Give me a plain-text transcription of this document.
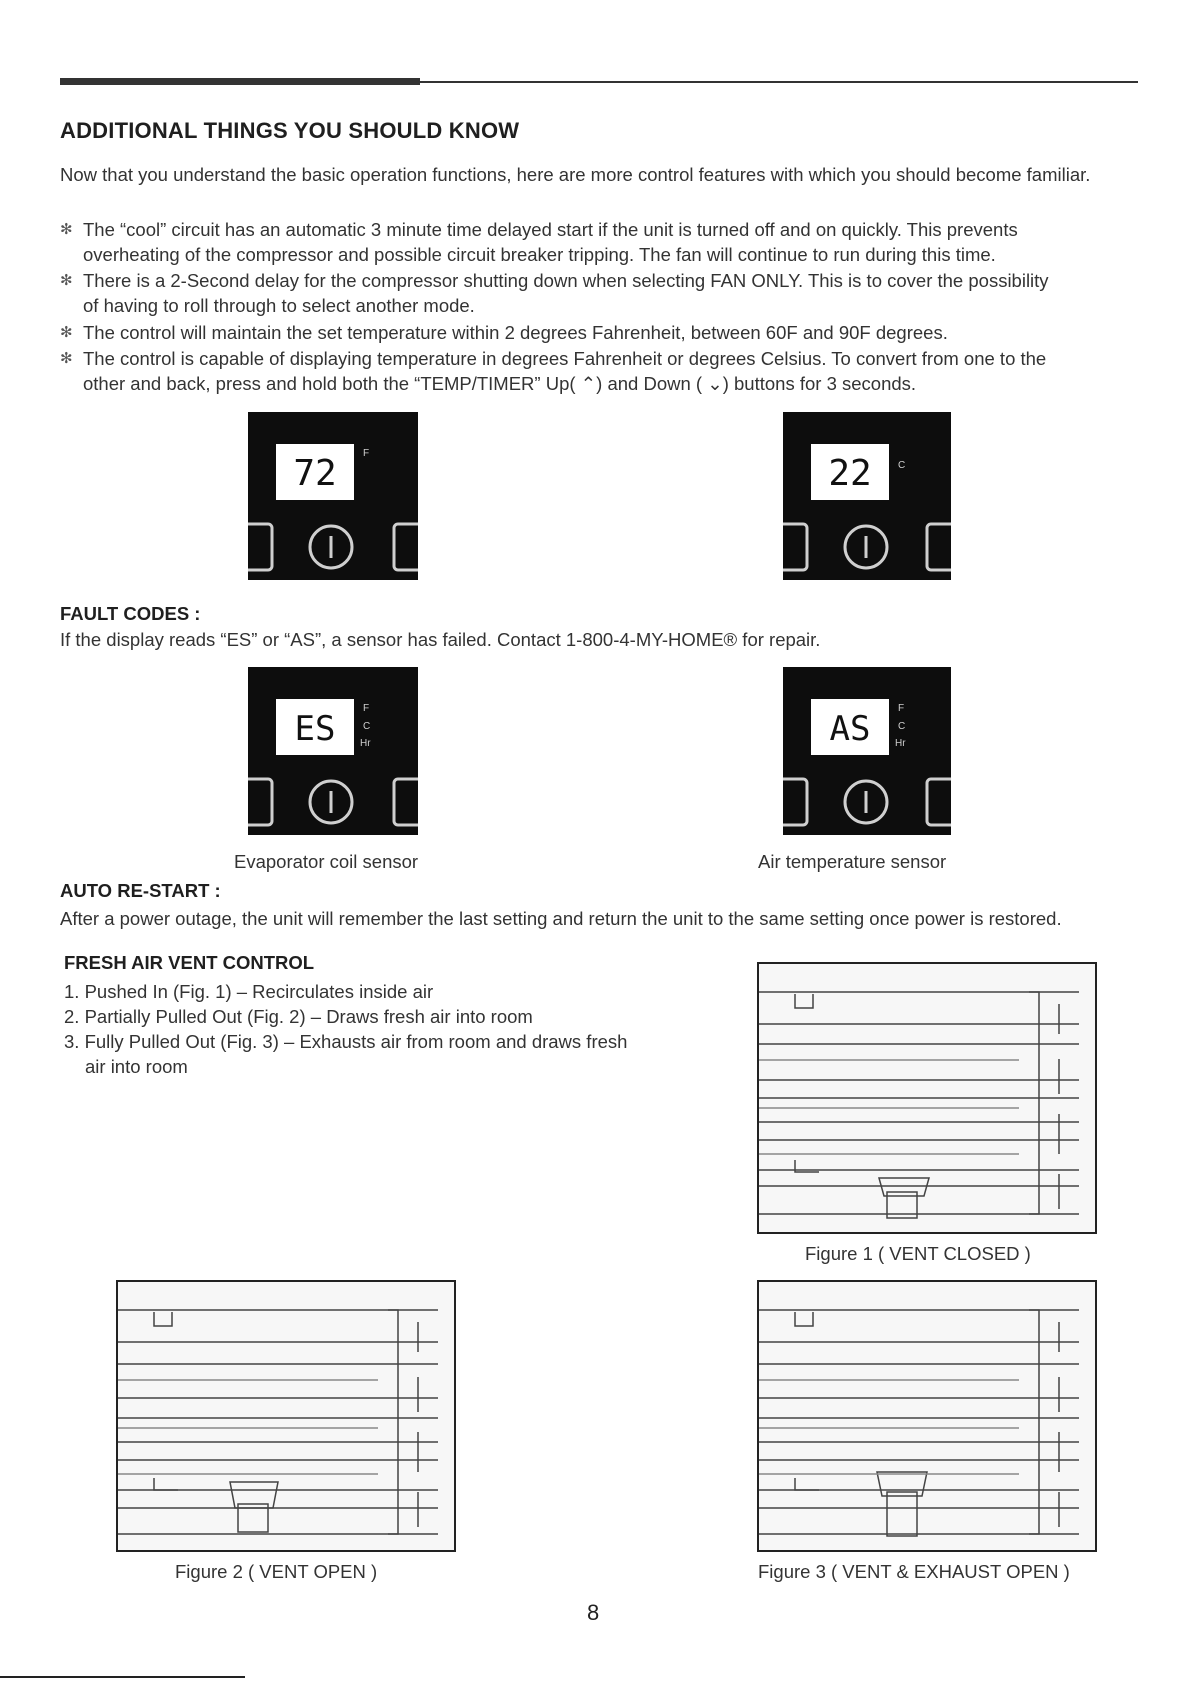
ADDITIONAL THINGS YOU SHOULD KNOW
Now that you understand the basic operation functions, here are more control features with which you should become familiar.
✻ The “cool” circuit has an automatic 3 minute time delayed start if the unit is turned off and on quickly. This prevents
overheating of the compressor and possible circuit breaker tripping. The fan will continue to run during this time.
✻ There is a 2-Second delay for the compressor shutting down when selecting FAN ONLY. This is to cover the possibility
of having to roll through to select another mode.
✻ The control will maintain the set temperature within 2 degrees Fahrenheit, between 60F and 90F degrees.
✻ The control is capable of displaying temperature in degrees Fahrenheit or degrees Celsius. To convert from one to the
other and back, press and hold both the “TEMP/TIMER” Up( ⌃) and Down ( ⌄) buttons for 3 seconds.
72	F	22	C
FAULT CODES :
If the display reads “ES” or “AS”, a sensor has failed. Contact 1-800-4-MY-HOME® for repair.
ES
F
C
Hr	AS
F
C
Hr
Evaporator coil sensor	Air temperature sensor
AUTO RE-START :
After a power outage, the unit will remember the last setting and return the unit to the same setting once power is restored.
FRESH AIR VENT CONTROL
1. Pushed In (Fig. 1) – Recirculates inside air
2. Partially Pulled Out (Fig. 2) – Draws fresh air into room
3. Fully Pulled Out (Fig. 3) – Exhausts air from room and draws fresh
air into room
Figure 1 ( VENT CLOSED )
Figure 2 ( VENT OPEN )	Figure 3 ( VENT & EXHAUST OPEN )
8
